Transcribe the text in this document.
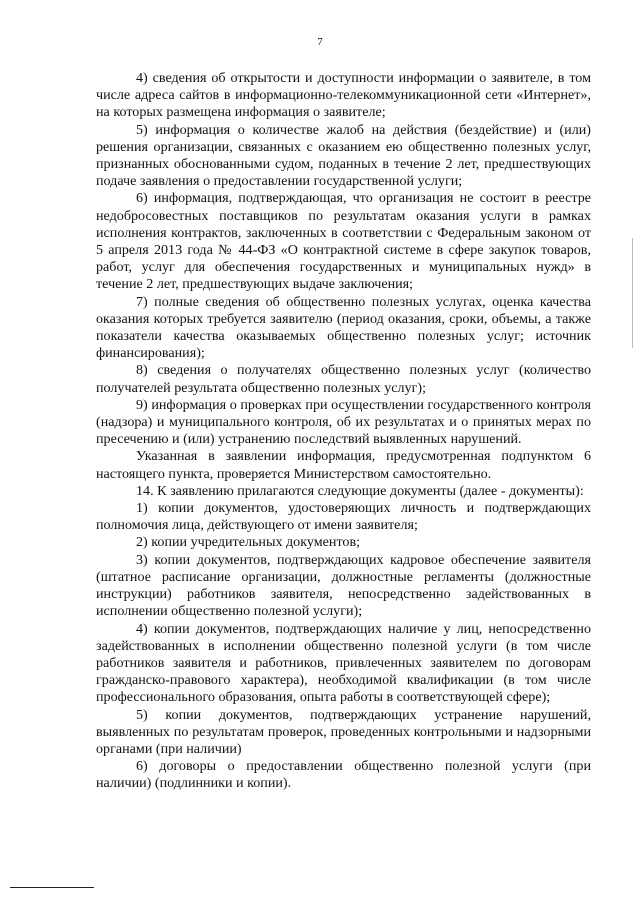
7

4) сведения об открытости и доступности информации о заявителе, в том числе адреса сайтов в информационно-телекоммуникационной сети «Интернет», на которых размещена информация о заявителе;

5) информация о количестве жалоб на действия (бездействие) и (или) решения организации, связанных с оказанием ею общественно полезных услуг, признанных обоснованными судом, поданных в течение 2 лет, предшествующих подаче заявления о предоставлении государственной услуги;

6) информация, подтверждающая, что организация не состоит в реестре недобросовестных поставщиков по результатам оказания услуги в рамках исполнения контрактов, заключенных в соответствии с Федеральным законом от 5 апреля 2013 года № 44-ФЗ «О контрактной системе в сфере закупок товаров, работ, услуг для обеспечения государственных и муниципальных нужд» в течение 2 лет, предшествующих выдаче заключения;

7) полные сведения об общественно полезных услугах, оценка качества оказания которых требуется заявителю (период оказания, сроки, объемы, а также показатели качества оказываемых общественно полезных услуг; источник финансирования);

8) сведения о получателях общественно полезных услуг (количество получателей результата общественно полезных услуг);

9) информация о проверках при осуществлении государственного контроля (надзора) и муниципального контроля, об их результатах и о принятых мерах по пресечению и (или) устранению последствий выявленных нарушений.

Указанная в заявлении информация, предусмотренная подпунктом 6 настоящего пункта, проверяется Министерством самостоятельно.

14. К заявлению прилагаются следующие документы (далее - документы):

1) копии документов, удостоверяющих личность и подтверждающих полномочия лица, действующего от имени заявителя;

2) копии учредительных документов;

3) копии документов, подтверждающих кадровое обеспечение заявителя (штатное расписание организации, должностные регламенты (должностные инструкции) работников заявителя, непосредственно задействованных в исполнении общественно полезной услуги);

4) копии документов, подтверждающих наличие у лиц, непосредственно задействованных в исполнении общественно полезной услуги (в том числе работников заявителя и работников, привлеченных заявителем по договорам гражданско-правового характера), необходимой квалификации (в том числе профессионального образования, опыта работы в соответствующей сфере);

5) копии документов, подтверждающих устранение нарушений, выявленных по результатам проверок, проведенных контрольными и надзорными органами (при наличии)

6) договоры о предоставлении общественно полезной услуги (при наличии) (подлинники и копии).
